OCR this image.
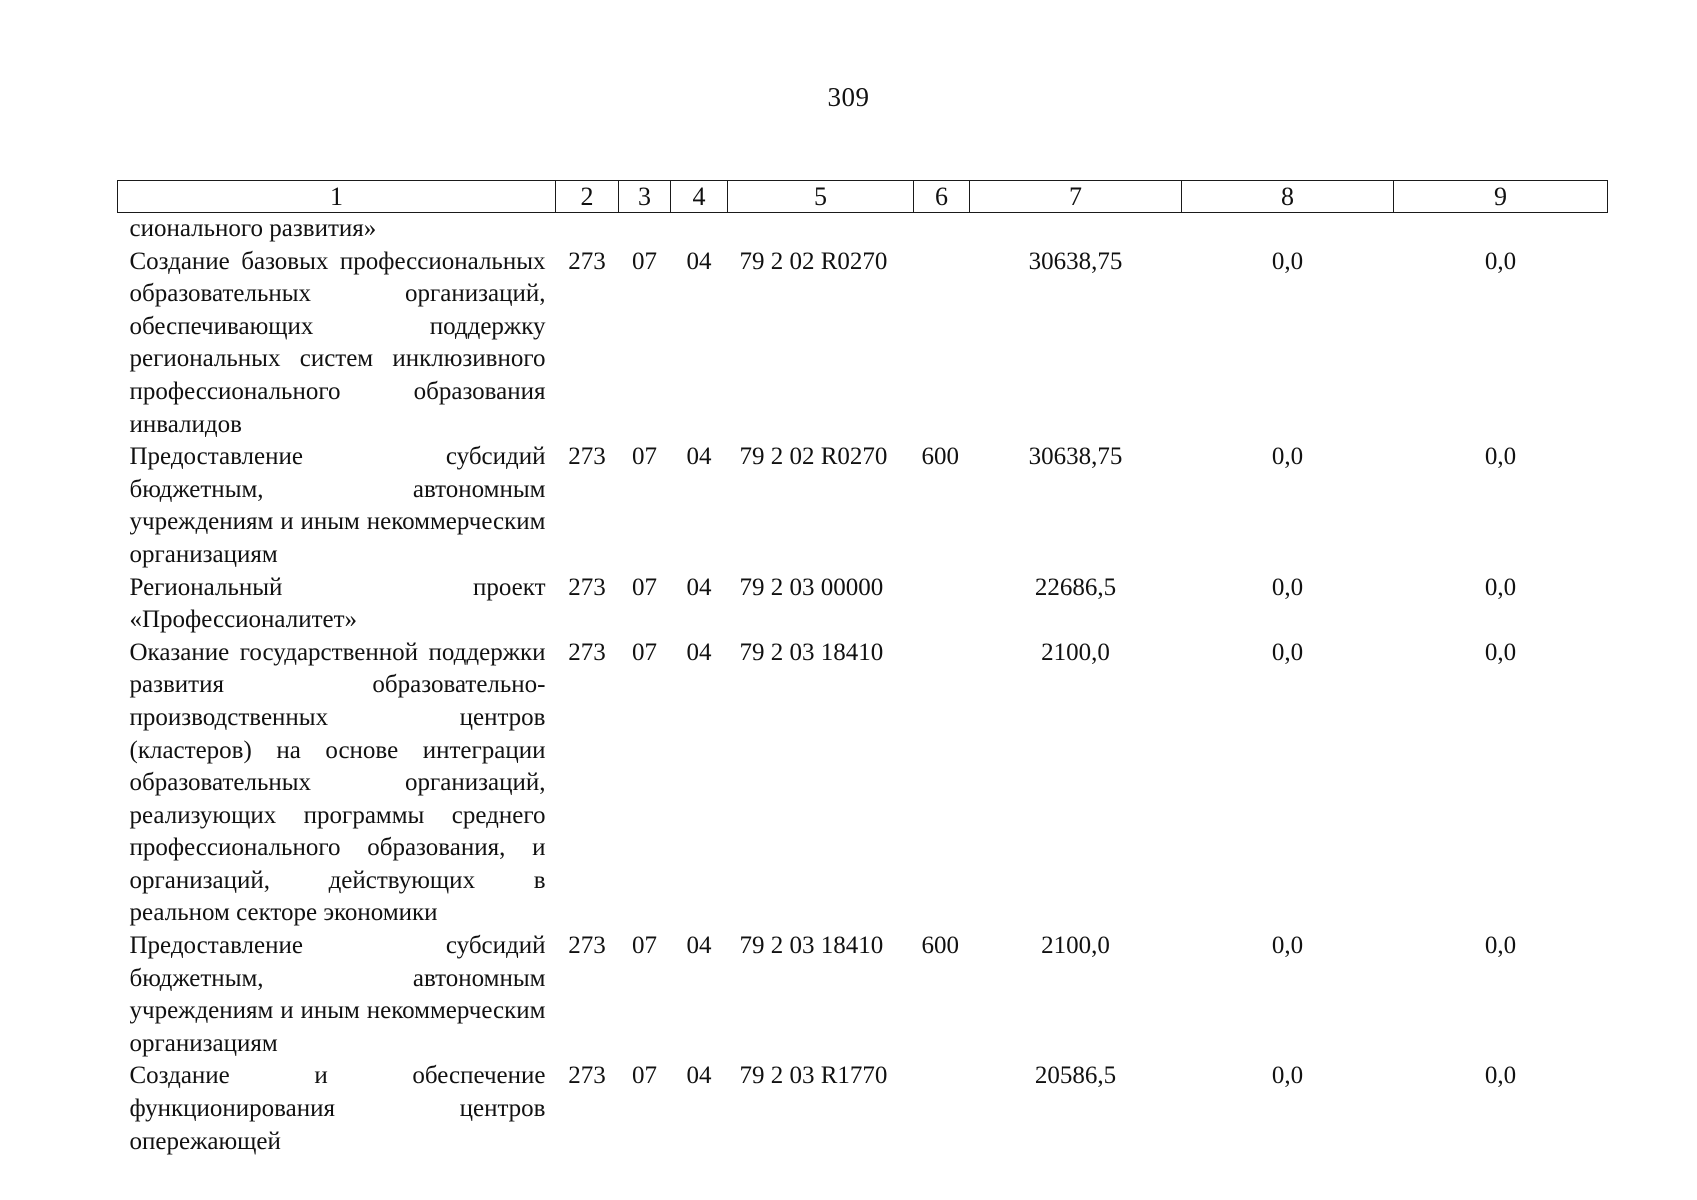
309
1	2	3	4	5	6	7	8	9
сионального развития»								
Создание базовых профессиональных образовательных организаций, обеспечивающих поддержку региональных систем инклюзивного профессионального образования инвалидов	273	07	04	79 2 02 R0270		30638,75	0,0	0,0
Предоставление субсидий бюджетным, автономным учреждениям и иным некоммерческим организациям	273	07	04	79 2 02 R0270	600	30638,75	0,0	0,0
Региональный проект «Профессионалитет»	273	07	04	79 2 03 00000		22686,5	0,0	0,0
Оказание государственной поддержки развития образовательно-производственных центров (кластеров) на основе интеграции образовательных организаций, реализующих программы среднего профессионального образования, и организаций, действующих в реальном секторе экономики	273	07	04	79 2 03 18410		2100,0	0,0	0,0
Предоставление субсидий бюджетным, автономным учреждениям и иным некоммерческим организациям	273	07	04	79 2 03 18410	600	2100,0	0,0	0,0
Создание и обеспечение функционирования центров опережающей	273	07	04	79 2 03 R1770		20586,5	0,0	0,0
